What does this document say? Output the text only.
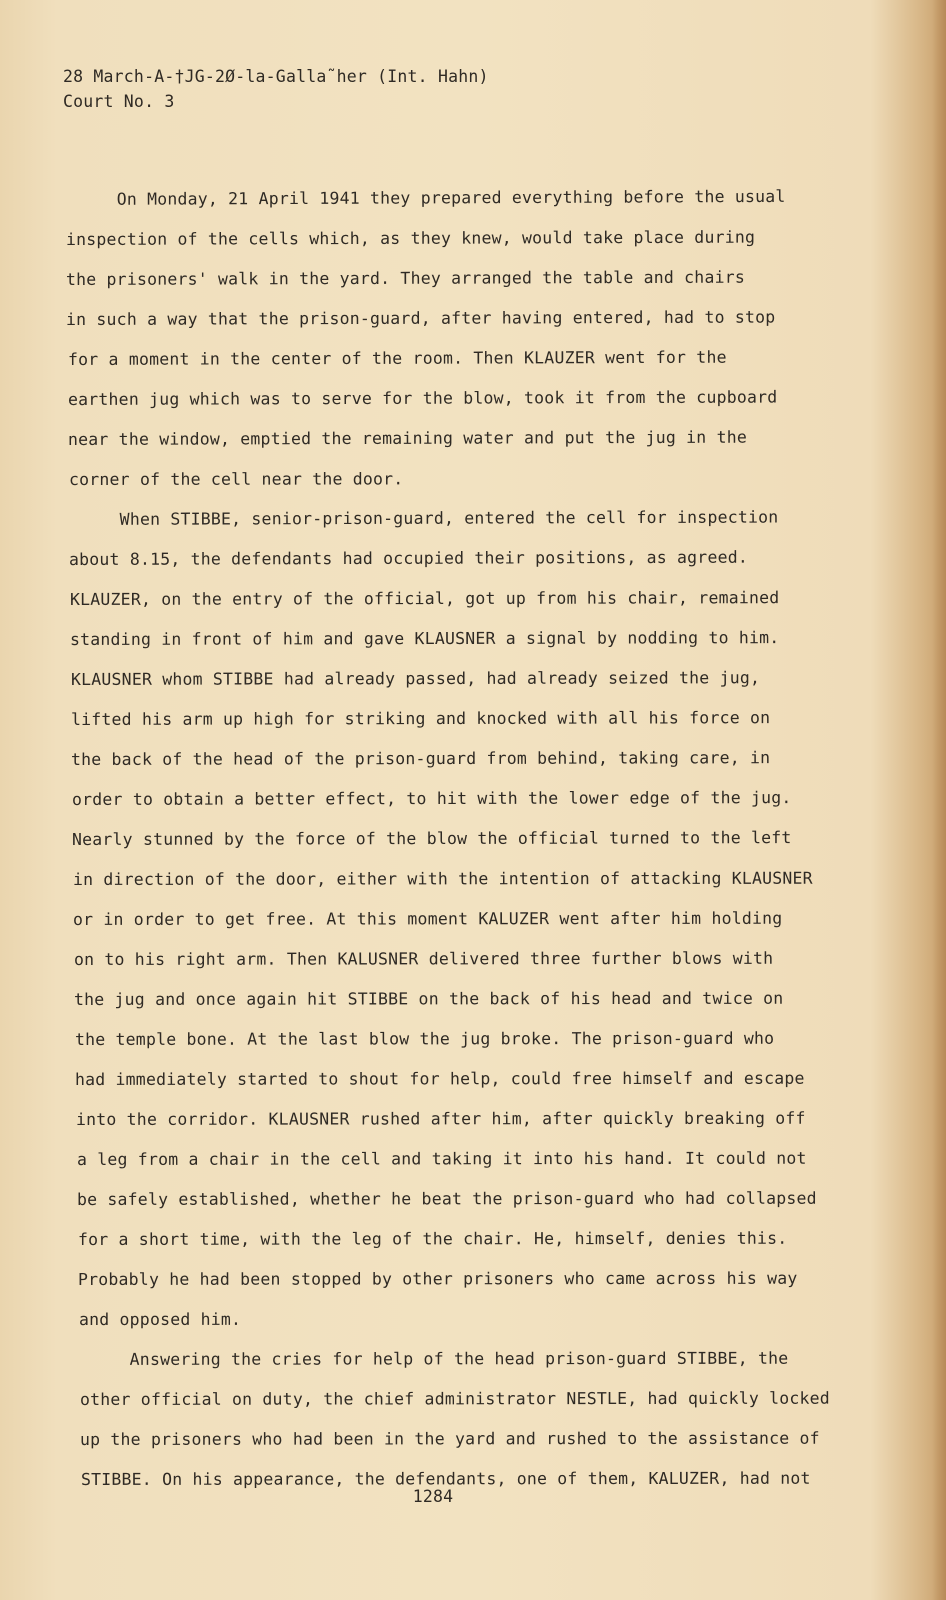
28 March-A-†JG-2Ø-la-Galla˜her (Int. Hahn)
Court No. 3
On Monday, 21 April 1941 they prepared everything before the usual
inspection of the cells which, as they knew, would take place during
the prisoners' walk in the yard. They arranged the table and chairs
in such a way that the prison-guard, after having entered, had to stop
for a moment in the center of the room. Then KLAUZER went for the
earthen jug which was to serve for the blow, took it from the cupboard
near the window, emptied the remaining water and put the jug in the
corner of the cell near the door.
When STIBBE, senior-prison-guard, entered the cell for inspection
about 8.15, the defendants had occupied their positions, as agreed.
KLAUZER, on the entry of the official, got up from his chair, remained
standing in front of him and gave KLAUSNER a signal by nodding to him.
KLAUSNER whom STIBBE had already passed, had already seized the jug,
lifted his arm up high for striking and knocked with all his force on
the back of the head of the prison-guard from behind, taking care, in
order to obtain a better effect, to hit with the lower edge of the jug.
Nearly stunned by the force of the blow the official turned to the left
in direction of the door, either with the intention of attacking KLAUSNER
or in order to get free. At this moment KALUZER went after him holding
on to his right arm. Then KALUSNER delivered three further blows with
the jug and once again hit STIBBE on the back of his head and twice on
the temple bone. At the last blow the jug broke. The prison-guard who
had immediately started to shout for help, could free himself and escape
into the corridor. KLAUSNER rushed after him, after quickly breaking off
a leg from a chair in the cell and taking it into his hand. It could not
be safely established, whether he beat the prison-guard who had collapsed
for a short time, with the leg of the chair. He, himself, denies this.
Probably he had been stopped by other prisoners who came across his way
and opposed him.
Answering the cries for help of the head prison-guard STIBBE, the
other official on duty, the chief administrator NESTLE, had quickly locked
up the prisoners who had been in the yard and rushed to the assistance of
STIBBE. On his appearance, the defendants, one of them, KALUZER, had not
1284
